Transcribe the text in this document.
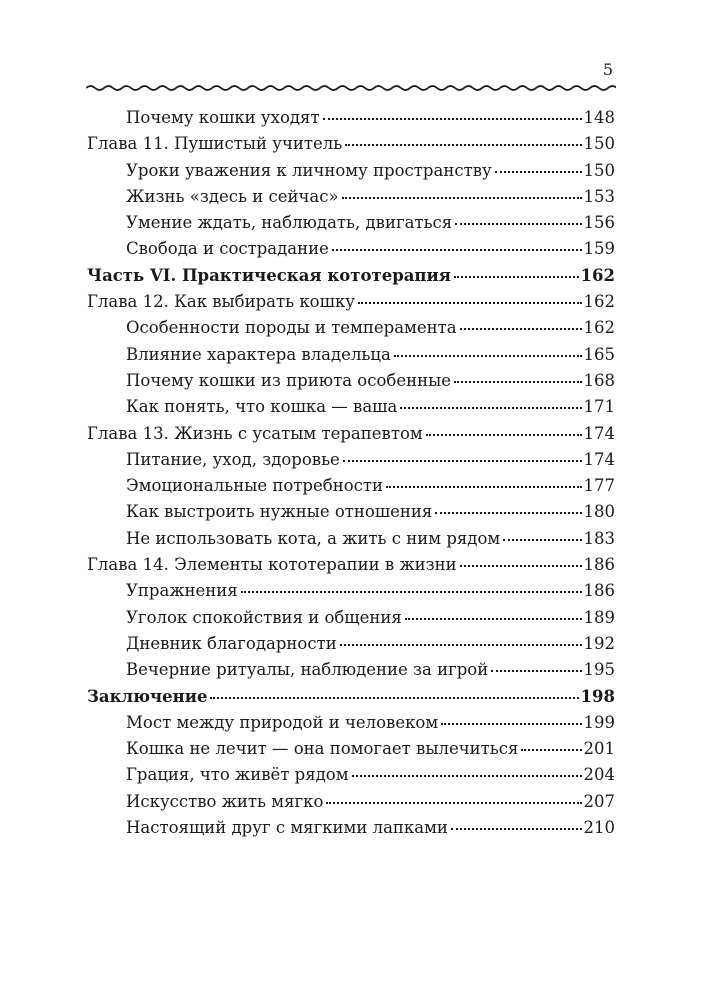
5
Почему кошки уходят	148
Глава 11. Пушистый учитель	150
Уроки уважения к личному пространству	150
Жизнь «здесь и сейчас»	153
Умение ждать, наблюдать, двигаться	156
Свобода и сострадание	159
Часть VI. Практическая кототерапия	162
Глава 12. Как выбирать кошку	162
Особенности породы и темперамента	162
Влияние характера владельца	165
Почему кошки из приюта особенные	168
Как понять, что кошка — ваша	171
Глава 13. Жизнь с усатым терапевтом	174
Питание, уход, здоровье	174
Эмоциональные потребности	177
Как выстроить нужные отношения	180
Не использовать кота, а жить с ним рядом	183
Глава 14. Элементы кототерапии в жизни	186
Упражнения	186
Уголок спокойствия и общения	189
Дневник благодарности	192
Вечерние ритуалы, наблюдение за игрой	195
Заключение	198
Мост между природой и человеком	199
Кошка не лечит — она помогает вылечиться	201
Грация, что живёт рядом	204
Искусство жить мягко	207
Настоящий друг с мягкими лапками	210
